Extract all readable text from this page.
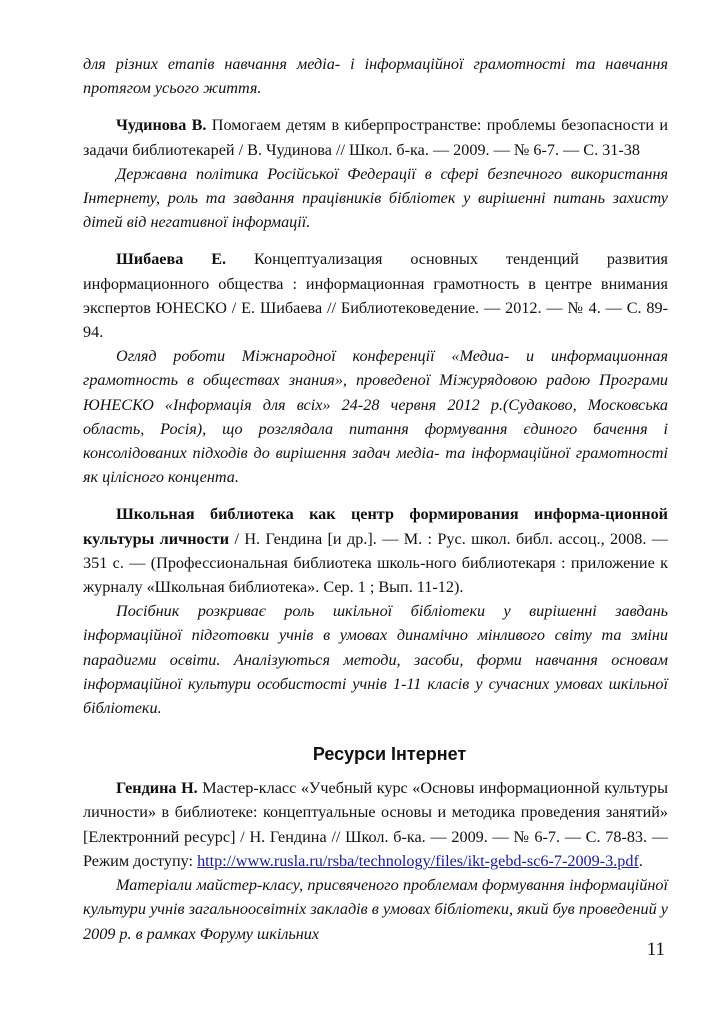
для різних етапів навчання медіа- і інформаційної грамотності та навчання протягом усього життя.

Чудинова В. Помогаем детям в киберпространстве: проблемы безопасности и задачи библиотекарей / В. Чудинова // Школ. б-ка. — 2009. — № 6-7. — С. 31-38

Державна політика Російської Федерації в сфері безпечного використання Інтернету, роль та завдання працівників бібліотек у вирішенні питань захисту дітей від негативної інформації.

Шибаева Е. Концептуализация основных тенденций развития информационного общества : информационная грамотность в центре внимания экспертов ЮНЕСКО / Е. Шибаева // Библиотековедение. — 2012. — № 4. — С. 89-94.

Огляд роботи Міжнародної конференції «Медиа- и информационная грамотность в обществах знания», проведеної Міжурядовою радою Програми ЮНЕСКО «Інформація для всіх» 24-28 червня 2012 р.(Судаково, Московська область, Росія), що розглядала питання формування єдиного бачення і консолідованих підходів до вирішення задач медіа- та інформаційної грамотності як цілісного концента.

Школьная библиотека как центр формирования информа-ционной культуры личности / Н. Гендина [и др.]. — М. : Рус. школ. библ. ассоц., 2008. — 351 с. — (Профессиональная библиотека школь-ного библиотекаря : приложение к журналу «Школьная библиотека». Сер. 1 ; Вып. 11-12).

Посібник розкриває роль шкільної бібліотеки у вирішенні завдань інформаційної підготовки учнів в умовах динамічно мінливого світу та зміни парадигми освіти. Аналізуються методи, засоби, форми навчання основам інформаційної культури особистості учнів 1-11 класів у сучасних умовах шкільної бібліотеки.

Ресурси Інтернет

Гендина Н. Мастер-класс «Учебный курс «Основы информационной культуры личности» в библиотеке: концептуальные основы и методика проведения занятий» [Електронний ресурс] / Н. Гендина // Школ. б-ка. — 2009. — № 6-7. — С. 78-83. — Режим доступу: http://www.rusla.ru/rsba/technology/files/ikt-gebd-sc6-7-2009-3.pdf.

Матеріали майстер-класу, присвяченого проблемам формування інформаційної культури учнів загальноосвітніх закладів в умовах бібліотеки, який був проведений у 2009 р. в рамках Форуму шкільних

11
